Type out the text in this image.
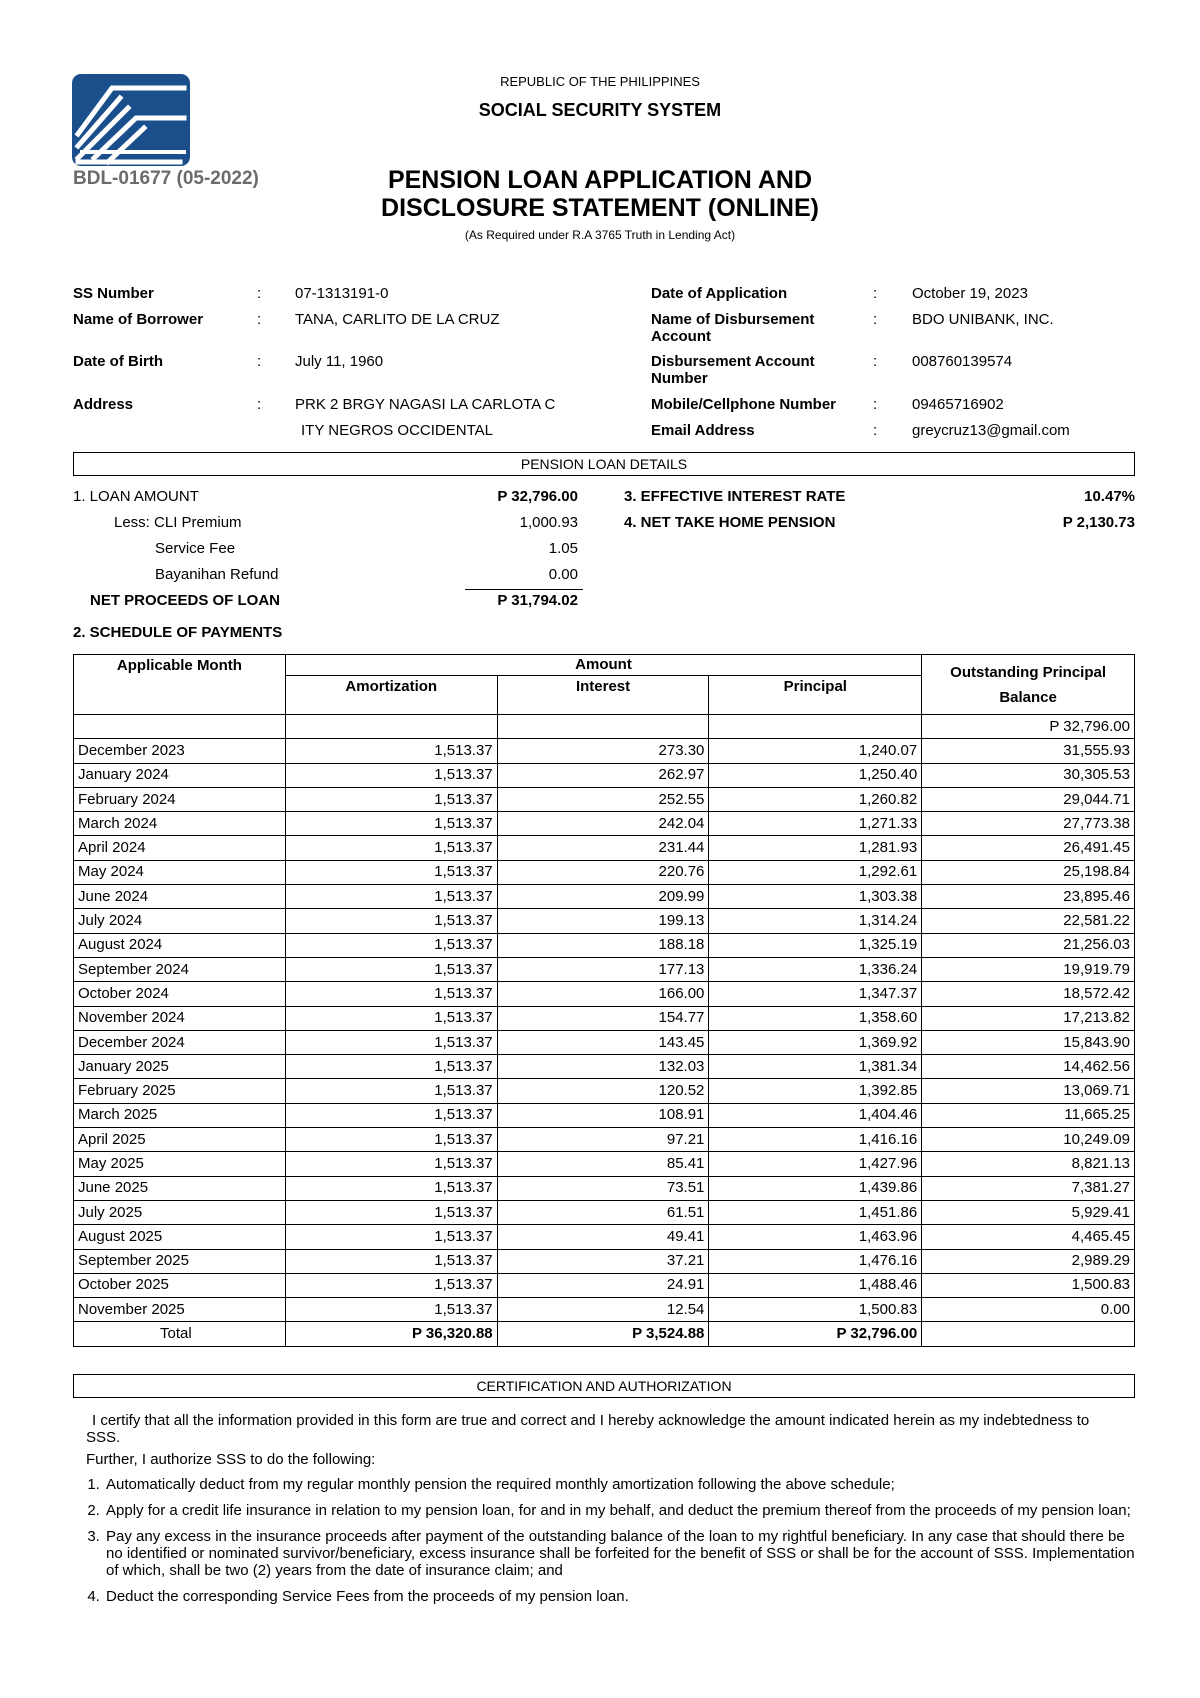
BDL-01677 (05-2022)
REPUBLIC OF THE PHILIPPINES
SOCIAL SECURITY SYSTEM
PENSION LOAN APPLICATION AND
DISCLOSURE STATEMENT (ONLINE)
(As Required under R.A 3765 Truth in Lending Act)
SS Number	: 07-1313191-0
Name of Borrower	: TANA, CARLITO DE LA CRUZ
Date of Birth	: July 11, 1960
Address	: PRK 2 BRGY NAGASI LA CARLOTA C
ITY NEGROS OCCIDENTAL
Date of Application	: October 19, 2023
Name of Disbursement
Account
: BDO UNIBANK, INC.
Disbursement Account
Number
: 008760139574
Mobile/Cellphone Number : 09465716902
Email Address	: greycruz13@gmail.com
PENSION LOAN DETAILS
1. LOAN AMOUNT	P 32,796.00
Less: CLI Premium	1,000.93
Service Fee	1.05
Bayanihan Refund	0.00
NET PROCEEDS OF LOAN	P 31,794.02
3. EFFECTIVE INTEREST RATE	10.47%
4. NET TAKE HOME PENSION	P 2,130.73
2. SCHEDULE OF PAYMENTS
Applicable Month	Amount			Outstanding Principal
Balance

	Amortization	Interest	Principal	
				P 32,796.00
December 2023	1,513.37	273.30	1,240.07	31,555.93
January 2024	1,513.37	262.97	1,250.40	30,305.53
February 2024	1,513.37	252.55	1,260.82	29,044.71
March 2024	1,513.37	242.04	1,271.33	27,773.38
April 2024	1,513.37	231.44	1,281.93	26,491.45
May 2024	1,513.37	220.76	1,292.61	25,198.84
June 2024	1,513.37	209.99	1,303.38	23,895.46
July 2024	1,513.37	199.13	1,314.24	22,581.22
August 2024	1,513.37	188.18	1,325.19	21,256.03
September 2024	1,513.37	177.13	1,336.24	19,919.79
October 2024	1,513.37	166.00	1,347.37	18,572.42
November 2024	1,513.37	154.77	1,358.60	17,213.82
December 2024	1,513.37	143.45	1,369.92	15,843.90
January 2025	1,513.37	132.03	1,381.34	14,462.56
February 2025	1,513.37	120.52	1,392.85	13,069.71
March 2025	1,513.37	108.91	1,404.46	11,665.25
April 2025	1,513.37	97.21	1,416.16	10,249.09
May 2025	1,513.37	85.41	1,427.96	8,821.13
June 2025	1,513.37	73.51	1,439.86	7,381.27
July 2025	1,513.37	61.51	1,451.86	5,929.41
August 2025	1,513.37	49.41	1,463.96	4,465.45
September 2025	1,513.37	37.21	1,476.16	2,989.29
October 2025	1,513.37	24.91	1,488.46	1,500.83
November 2025	1,513.37	12.54	1,500.83	0.00
Total	P 36,320.88	P 3,524.88	P 32,796.00	
CERTIFICATION AND AUTHORIZATION
I certify that all the information provided in this form are true and correct and I hereby acknowledge the amount indicated herein as my indebtedness to SSS.
Further, I authorize SSS to do the following:
1. Automatically deduct from my regular monthly pension the required monthly amortization following the above schedule;
2. Apply for a credit life insurance in relation to my pension loan, for and in my behalf, and deduct the premium thereof from the proceeds of my pension loan;
3. Pay any excess in the insurance proceeds after payment of the outstanding balance of the loan to my rightful beneficiary. In any case that should there be no identified or nominated survivor/beneficiary, excess insurance shall be forfeited for the benefit of SSS or shall be for the account of SSS. Implementation of which, shall be two (2) years from the date of insurance claim; and
4. Deduct the corresponding Service Fees from the proceeds of my pension loan.
